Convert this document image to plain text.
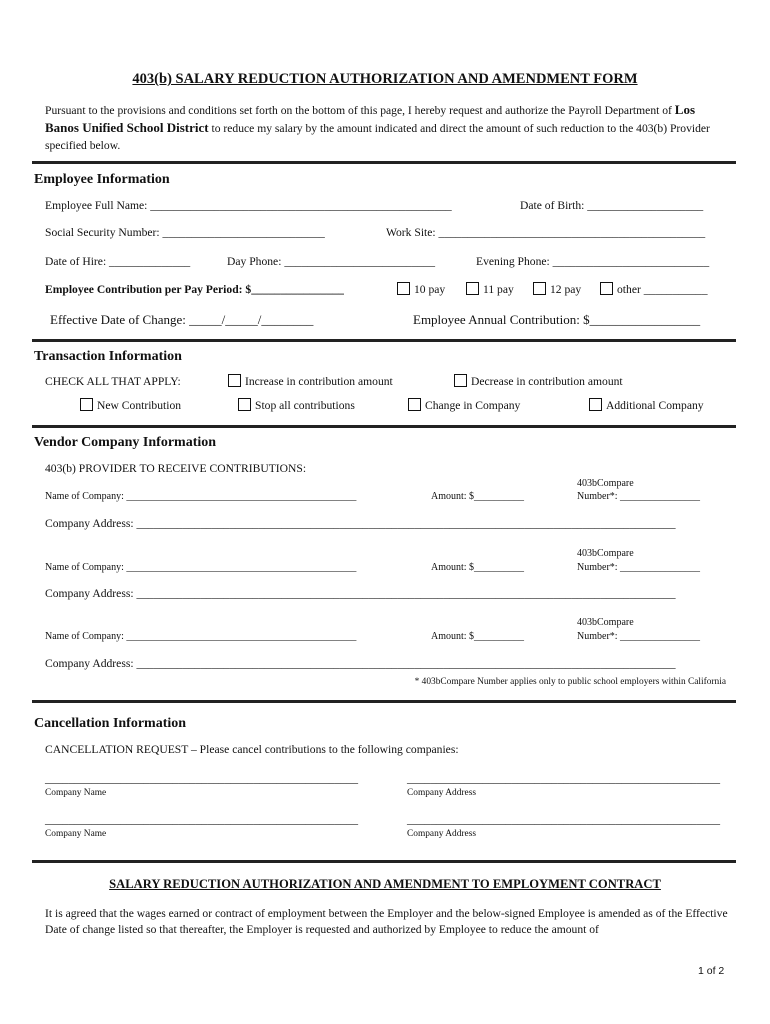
403(b) SALARY REDUCTION AUTHORIZATION AND AMENDMENT FORM
Pursuant to the provisions and conditions set forth on the bottom of this page, I hereby request and authorize the Payroll Department of Los Banos Unified School District to reduce my salary by the amount indicated and direct the amount of such reduction to the 403(b) Provider specified below.
Employee Information
Employee Full Name: ____________________________________________________	Date of Birth: ____________________
Social Security Number: ____________________________	Work Site: ______________________________________________
Date of Hire: ______________	Day Phone: __________________________	Evening Phone: ___________________________
Employee Contribution per Pay Period: $________________	10 pay	11 pay	12 pay	other ___________
Effective Date of Change: _____/_____/________	Employee Annual Contribution: $_________________
Transaction Information
CHECK ALL THAT APPLY:	Increase in contribution amount	Decrease in contribution amount
New Contribution	Stop all contributions	Change in Company	Additional Company
Vendor Company Information
403(b) PROVIDER TO RECEIVE CONTRIBUTIONS:
Name of Company: ______________________________________________	Amount: $__________
403bCompare
Number*: ________________
Company Address: _____________________________________________________________________________________________
Name of Company: ______________________________________________	Amount: $__________
403bCompare
Number*: ________________
Company Address: _____________________________________________________________________________________________
Name of Company: ______________________________________________	Amount: $__________
403bCompare
Number*: ________________
Company Address: _____________________________________________________________________________________________
* 403bCompare Number applies only to public school employers within California
Cancellation Information
CANCELLATION REQUEST – Please cancel contributions to the following companies:
______________________________________________________	______________________________________________________
Company Name	Company Address
______________________________________________________	______________________________________________________
Company Name	Company Address
SALARY REDUCTION AUTHORIZATION AND AMENDMENT TO EMPLOYMENT CONTRACT
It is agreed that the wages earned or contract of employment between the Employer and the below-signed Employee is amended as of the Effective Date of change listed so that thereafter, the Employer is requested and authorized by Employee to reduce the amount of
1 of 2
